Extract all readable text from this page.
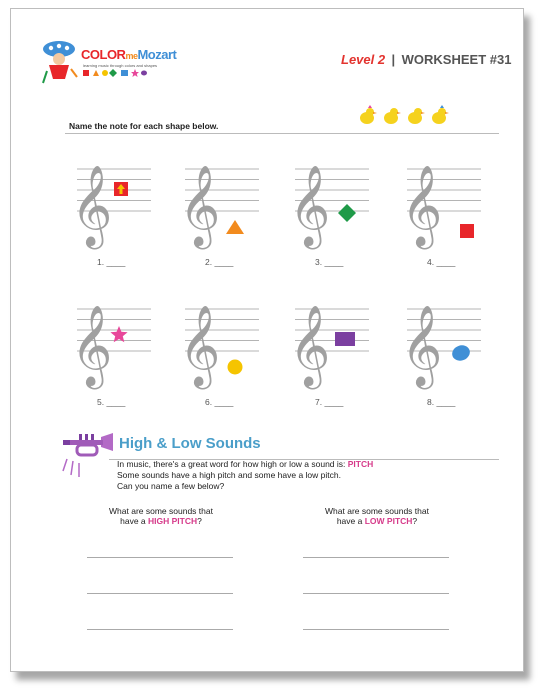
COLORmeMozart
learning music through colors and shapes	Level 2 | WORKSHEET #31
Name the note for each shape below.
𝄞
1. ____
𝄞
2. ____
𝄞
3. ____
𝄞
4. ____
𝄞
5. ____
𝄞
6. ____
𝄞
7. ____
𝄞
8. ____
High & Low Sounds
In music, there's a great word for how high or low a sound is: PITCH
Some sounds have a high pitch and some have a low pitch.
Can you name a few below?
What are some sounds that
have a HIGH PITCH?
What are some sounds that
have a LOW PITCH?
